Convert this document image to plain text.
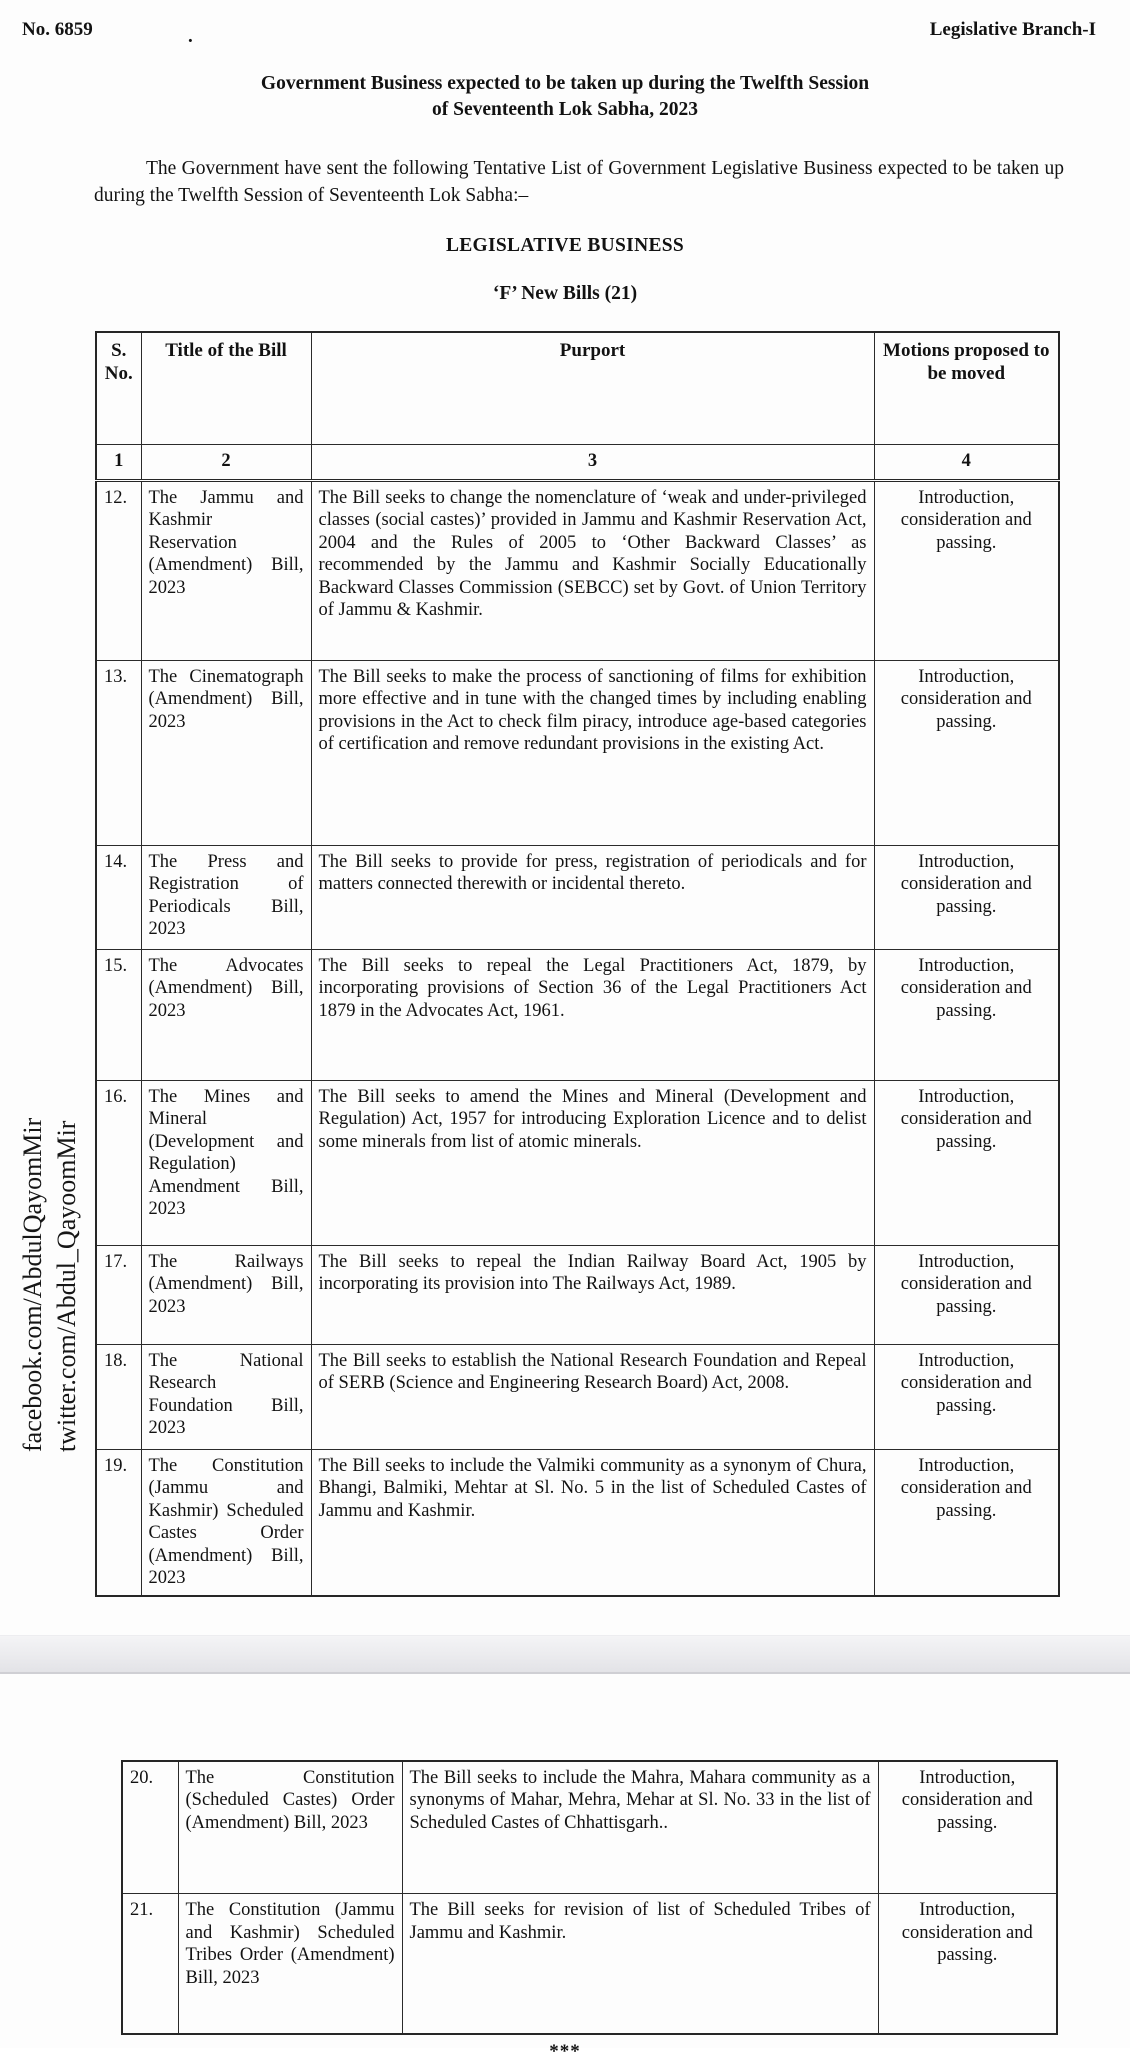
facebook.com/AbdulQayomMir twitter.com/Abdul_QayoomMir
No. 6859	Legislative Branch-I
.
Government Business expected to be taken up during the Twelfth Session
of Seventeenth Lok Sabha, 2023
The Government have sent the following Tentative List of Government Legislative Business expected to be taken up during the Twelfth Session of Seventeenth Lok Sabha:–
LEGISLATIVE BUSINESS
‘F’ New Bills (21)
S. No.	Title of the Bill	Purport	Motions proposed to be moved
1	2	3	4
12.	The Jammu and Kashmir Reservation (Amendment) Bill, 2023	The Bill seeks to change the nomenclature of ‘weak and under-privileged classes (social castes)’ provided in Jammu and Kashmir Reservation Act, 2004 and the Rules of 2005 to ‘Other Backward Classes’ as recommended by the Jammu and Kashmir Socially Educationally Backward Classes Commission (SEBCC) set by Govt. of Union Territory of Jammu & Kashmir.	Introduction, consideration and passing.
13.	The Cinematograph (Amendment) Bill, 2023	The Bill seeks to make the process of sanctioning of films for exhibition more effective and in tune with the changed times by including enabling provisions in the Act to check film piracy, introduce age-based categories of certification and remove redundant provisions in the existing Act.	Introduction, consideration and passing.
14.	The Press and Registration of Periodicals Bill, 2023	The Bill seeks to provide for press, registration of periodicals and for matters connected therewith or incidental thereto.	Introduction, consideration and passing.
15.	The Advocates (Amendment) Bill, 2023	The Bill seeks to repeal the Legal Practitioners Act, 1879, by incorporating provisions of Section 36 of the Legal Practitioners Act 1879 in the Advocates Act, 1961.	Introduction, consideration and passing.
16.	The Mines and Mineral (Development and Regulation) Amendment Bill, 2023	The Bill seeks to amend the Mines and Mineral (Development and Regulation) Act, 1957 for introducing Exploration Licence and to delist some minerals from list of atomic minerals.	Introduction, consideration and passing.
17.	The Railways (Amendment) Bill, 2023	The Bill seeks to repeal the Indian Railway Board Act, 1905 by incorporating its provision into The Railways Act, 1989.	Introduction, consideration and passing.
18.	The National Research Foundation Bill, 2023	The Bill seeks to establish the National Research Foundation and Repeal of SERB (Science and Engineering Research Board) Act, 2008.	Introduction, consideration and passing.
19.	The Constitution (Jammu and Kashmir) Scheduled Castes Order (Amendment) Bill, 2023	The Bill seeks to include the Valmiki community as a synonym of Chura, Bhangi, Balmiki, Mehtar at Sl. No. 5 in the list of Scheduled Castes of Jammu and Kashmir.	Introduction, consideration and passing.
20.	The Constitution (Scheduled Castes) Order (Amendment) Bill, 2023	The Bill seeks to include the Mahra, Mahara community as a synonyms of Mahar, Mehra, Mehar at Sl. No. 33 in the list of Scheduled Castes of Chhattisgarh..	Introduction, consideration and passing.
21.	The Constitution (Jammu and Kashmir) Scheduled Tribes Order (Amendment) Bill, 2023	The Bill seeks for revision of list of Scheduled Tribes of Jammu and Kashmir.	Introduction, consideration and passing.
***
